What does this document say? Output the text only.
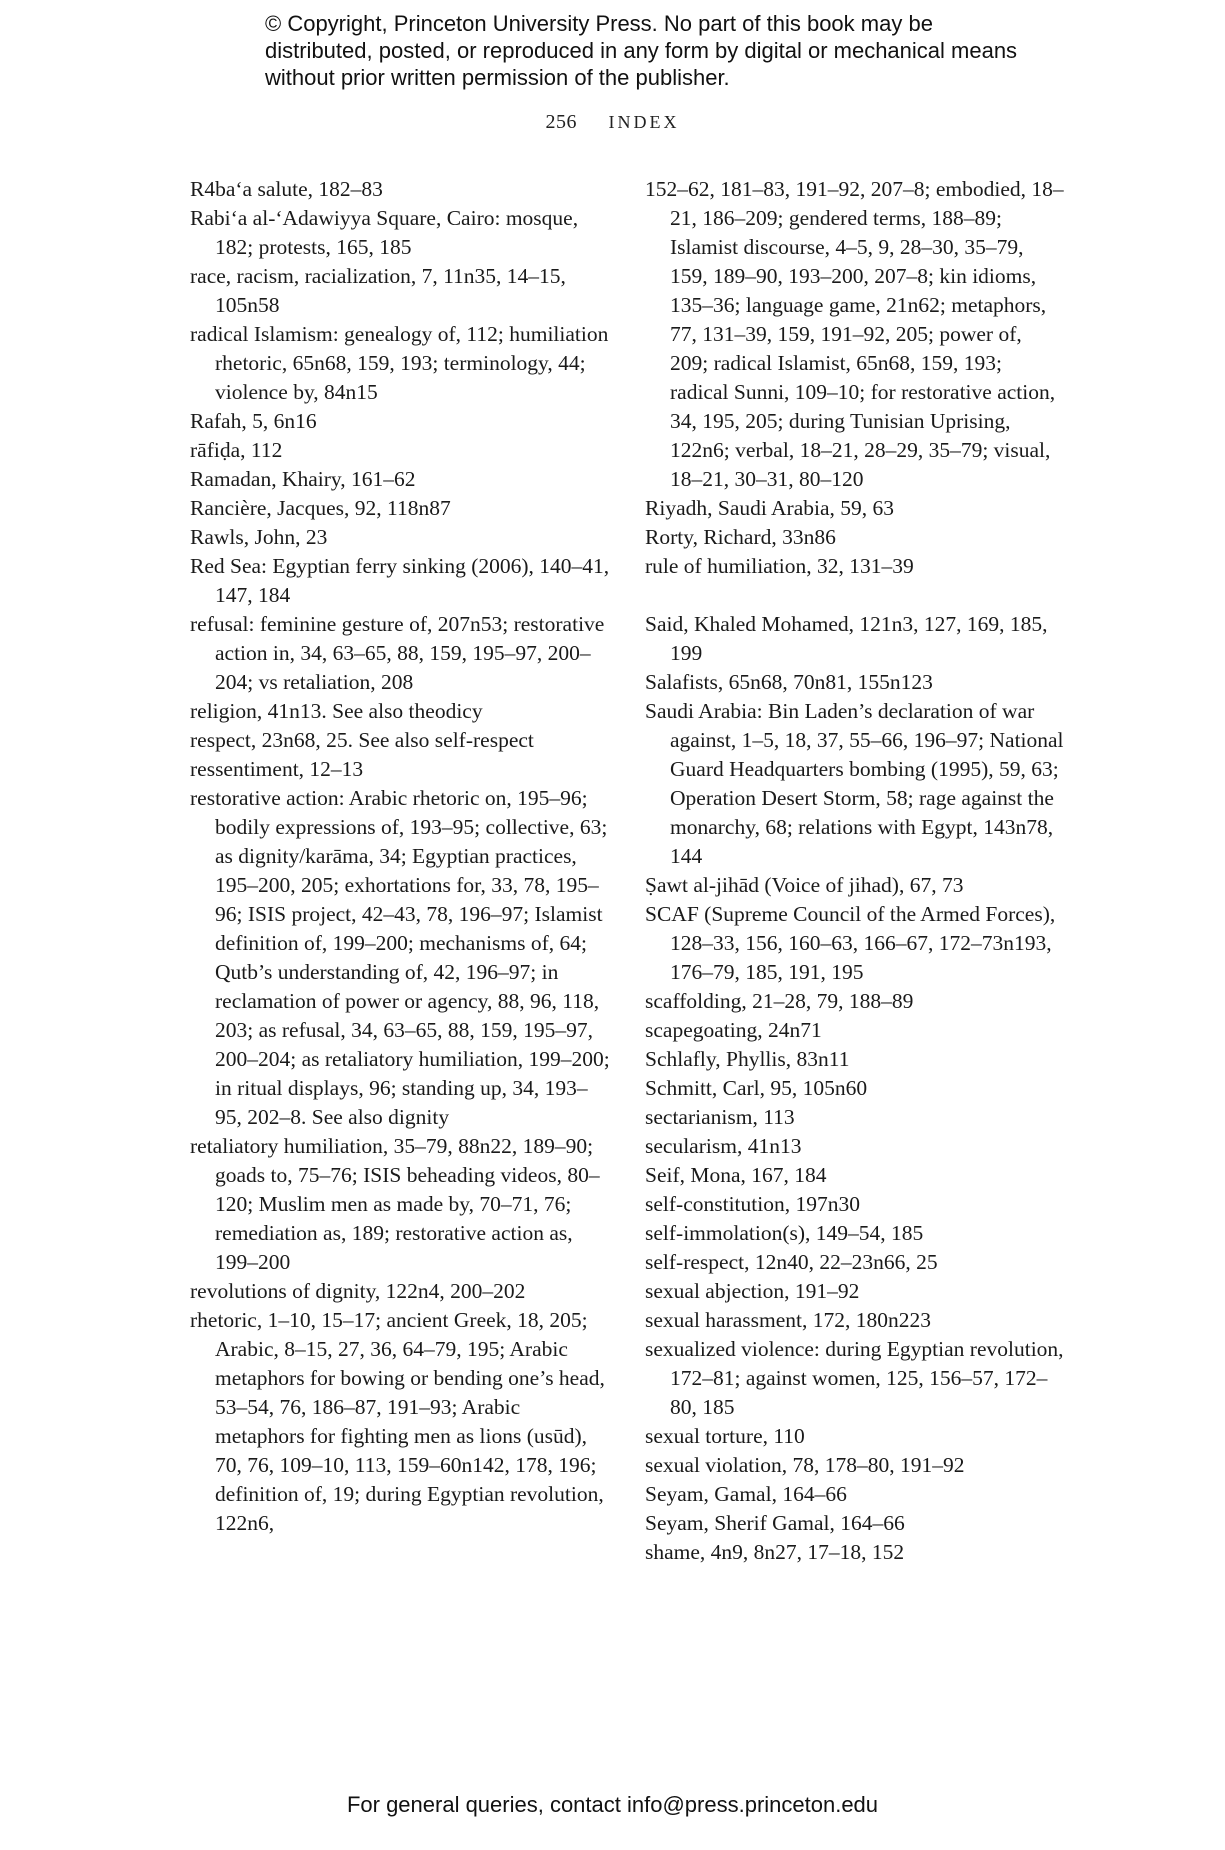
© Copyright, Princeton University Press. No part of this book may be distributed, posted, or reproduced in any form by digital or mechanical means without prior written permission of the publisher.
256 INDEX

R4ba‘a salute, 182–83

Rabi‘a al-‘Adawiyya Square, Cairo: mosque, 182; protests, 165, 185

race, racism, racialization, 7, 11n35, 14–15, 105n58

radical Islamism: genealogy of, 112; humiliation rhetoric, 65n68, 159, 193; terminology, 44; violence by, 84n15

Rafah, 5, 6n16

rāfiḍa, 112

Ramadan, Khairy, 161–62

Rancière, Jacques, 92, 118n87

Rawls, John, 23

Red Sea: Egyptian ferry sinking (2006), 140–41, 147, 184

refusal: feminine gesture of, 207n53; restorative action in, 34, 63–65, 88, 159, 195–97, 200–204; vs retaliation, 208

religion, 41n13. See also theodicy

respect, 23n68, 25. See also self-respect

ressentiment, 12–13

restorative action: Arabic rhetoric on, 195–96; bodily expressions of, 193–95; collective, 63; as dignity/karāma, 34; Egyptian practices, 195–200, 205; exhortations for, 33, 78, 195–96; ISIS project, 42–43, 78, 196–97; Islamist definition of, 199–200; mechanisms of, 64; Qutb’s understanding of, 42, 196–97; in reclamation of power or agency, 88, 96, 118, 203; as refusal, 34, 63–65, 88, 159, 195–97, 200–204; as retaliatory humiliation, 199–200; in ritual displays, 96; standing up, 34, 193–95, 202–8. See also dignity

retaliatory humiliation, 35–79, 88n22, 189–90; goads to, 75–76; ISIS beheading videos, 80–120; Muslim men as made by, 70–71, 76; remediation as, 189; restorative action as, 199–200

revolutions of dignity, 122n4, 200–202

rhetoric, 1–10, 15–17; ancient Greek, 18, 205; Arabic, 8–15, 27, 36, 64–79, 195; Arabic metaphors for bowing or bending one’s head, 53–54, 76, 186–87, 191–93; Arabic metaphors for fighting men as lions (usūd), 70, 76, 109–10, 113, 159–60n142, 178, 196; definition of, 19; during Egyptian revolution, 122n6,

152–62, 181–83, 191–92, 207–8; embodied, 18–21, 186–209; gendered terms, 188–89; Islamist discourse, 4–5, 9, 28–30, 35–79, 159, 189–90, 193–200, 207–8; kin idioms, 135–36; language game, 21n62; metaphors, 77, 131–39, 159, 191–92, 205; power of, 209; radical Islamist, 65n68, 159, 193; radical Sunni, 109–10; for restorative action, 34, 195, 205; during Tunisian Uprising, 122n6; verbal, 18–21, 28–29, 35–79; visual, 18–21, 30–31, 80–120

Riyadh, Saudi Arabia, 59, 63

Rorty, Richard, 33n86

rule of humiliation, 32, 131–39

Said, Khaled Mohamed, 121n3, 127, 169, 185, 199

Salafists, 65n68, 70n81, 155n123

Saudi Arabia: Bin Laden’s declaration of war against, 1–5, 18, 37, 55–66, 196–97; National Guard Headquarters bombing (1995), 59, 63; Operation Desert Storm, 58; rage against the monarchy, 68; relations with Egypt, 143n78, 144

Ṣawt al-jihād (Voice of jihad), 67, 73

SCAF (Supreme Council of the Armed Forces), 128–33, 156, 160–63, 166–67, 172–73n193, 176–79, 185, 191, 195

scaffolding, 21–28, 79, 188–89

scapegoating, 24n71

Schlafly, Phyllis, 83n11

Schmitt, Carl, 95, 105n60

sectarianism, 113

secularism, 41n13

Seif, Mona, 167, 184

self-constitution, 197n30

self-immolation(s), 149–54, 185

self-respect, 12n40, 22–23n66, 25

sexual abjection, 191–92

sexual harassment, 172, 180n223

sexualized violence: during Egyptian revolution, 172–81; against women, 125, 156–57, 172–80, 185

sexual torture, 110

sexual violation, 78, 178–80, 191–92

Seyam, Gamal, 164–66

Seyam, Sherif Gamal, 164–66

shame, 4n9, 8n27, 17–18, 152

For general queries, contact info@press.princeton.edu
